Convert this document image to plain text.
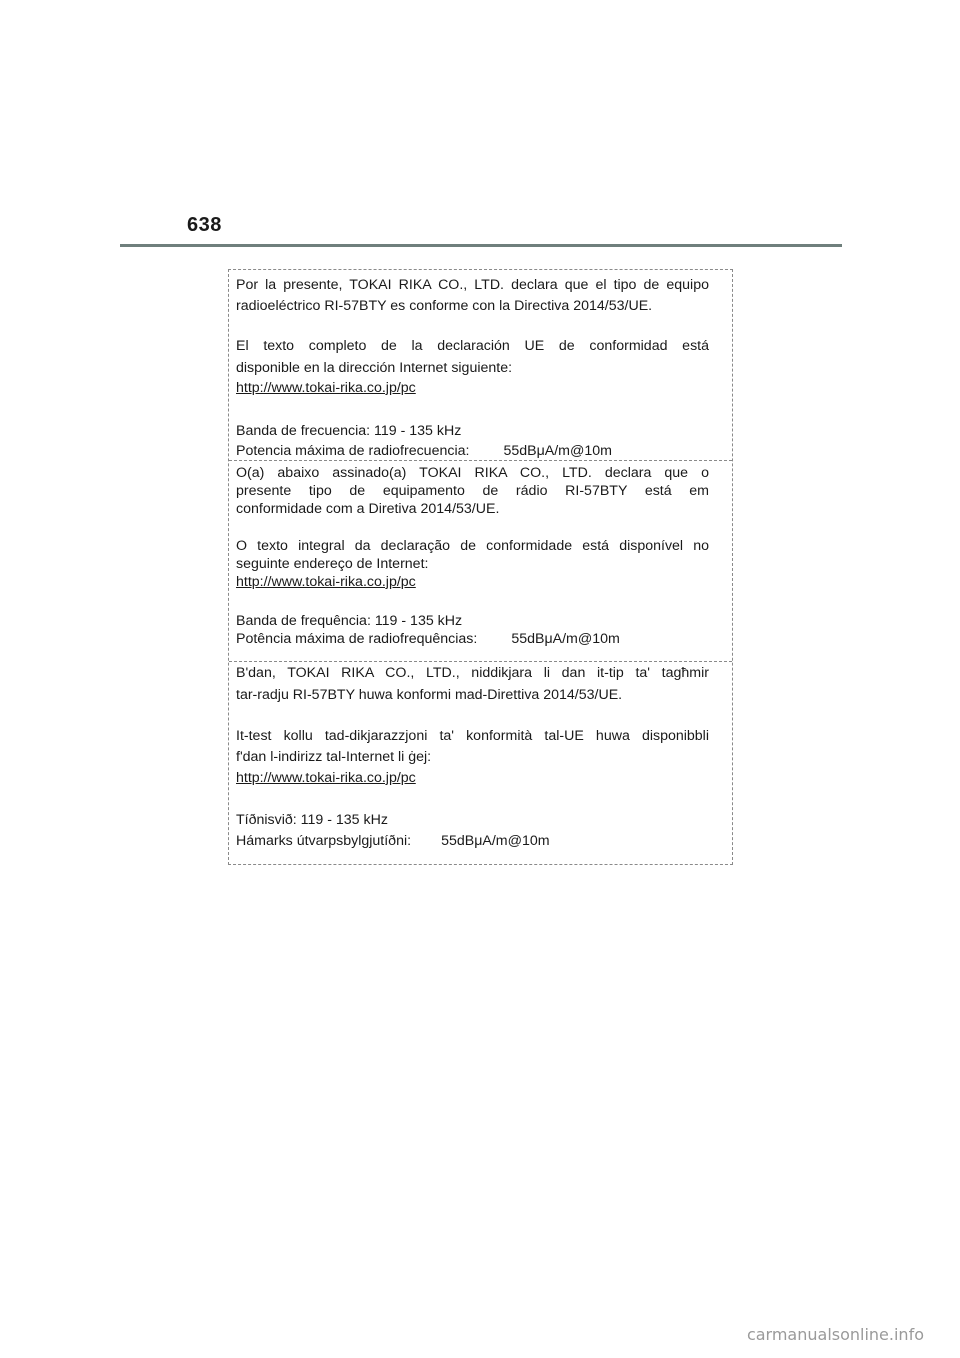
638
Por la presente, TOKAI RIKA CO., LTD. declara que el tipo de equipo
radioeléctrico RI-57BTY es conforme con la Directiva 2014/53/UE.
El texto completo de la declaración UE de conformidad está
disponible en la dirección Internet siguiente:
http://www.tokai-rika.co.jp/pc
Banda de frecuencia: 119 - 135 kHz
Potencia máxima de radiofrecuencia: 55dBμA/m@10m
O(a) abaixo assinado(a) TOKAI RIKA CO., LTD. declara que o
presente tipo de equipamento de rádio RI-57BTY está em
conformidade com a Diretiva 2014/53/UE.
O texto integral da declaração de conformidade está disponível no
seguinte endereço de Internet:
http://www.tokai-rika.co.jp/pc
Banda de frequência: 119 - 135 kHz
Potência máxima de radiofrequências: 55dBμA/m@10m
B'dan, TOKAI RIKA CO., LTD., niddikjara li dan it-tip ta' tagħmir
tar-radju RI-57BTY huwa konformi mad-Direttiva 2014/53/UE.
It-test kollu tad-dikjarazzjoni ta' konformità tal-UE huwa disponibbli
f'dan l-indirizz tal-Internet li ġej:
http://www.tokai-rika.co.jp/pc
Tíðnisvið: 119 - 135 kHz
Hámarks útvarpsbylgjutíðni: 55dBμA/m@10m
carmanualsonline.info
